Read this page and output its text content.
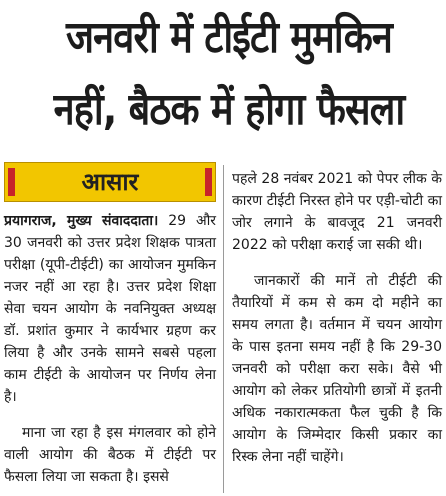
जनवरी में टीईटी मुमकिन
नहीं, बैठक में होगा फैसला
आसार

प्रयागराज, मुख्य संवाददाता। 29 और 30 जनवरी को उत्तर प्रदेश शिक्षक पात्रता परीक्षा (यूपी-टीईटी) का आयोजन मुमकिन नजर नहीं आ रहा है। उत्तर प्रदेश शिक्षा सेवा चयन आयोग के नवनियुक्त अध्यक्ष डॉ. प्रशांत कुमार ने कार्यभार ग्रहण कर लिया है और उनके सामने सबसे पहला काम टीईटी के आयोजन पर निर्णय लेना है।

माना जा रहा है इस मंगलवार को होने वाली आयोग की बैठक में टीईटी पर फैसला लिया जा सकता है। इससे

पहले 28 नवंबर 2021 को पेपर लीक के कारण टीईटी निरस्त होने पर एड़ी-चोटी का जोर लगाने के बावजूद 21 जनवरी 2022 को परीक्षा कराई जा सकी थी।

जानकारों की मानें तो टीईटी की तैयारियों में कम से कम दो महीने का समय लगता है। वर्तमान में चयन आयोग के पास इतना समय नहीं है कि 29-30 जनवरी को परीक्षा करा सके। वैसे भी आयोग को लेकर प्रतियोगी छात्रों में इतनी अधिक नकारात्मकता फैल चुकी है कि आयोग के जिम्मेदार किसी प्रकार का रिस्क लेना नहीं चाहेंगे।
